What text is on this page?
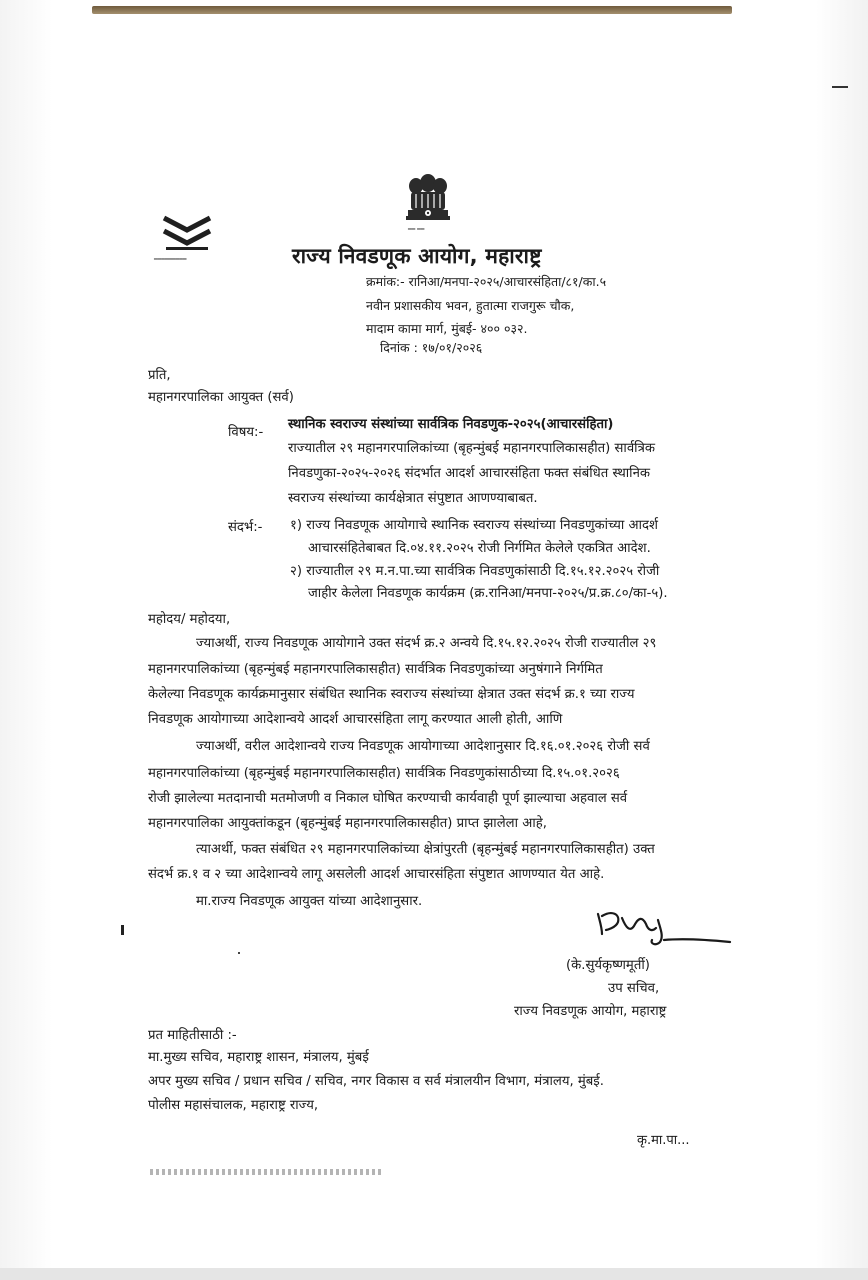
━━ ━━
━━━━━━━━━	राज्य निवडणूक आयोग, महाराष्ट्र
क्रमांक:- रानिआ/मनपा-२०२५/आचारसंहिता/८१/का.५
नवीन प्रशासकीय भवन, हुतात्मा राजगुरू चौक,
मादाम कामा मार्ग, मुंबई- ४०० ०३२.
दिनांक : १७/०१/२०२६
प्रति,
महानगरपालिका आयुक्त (सर्व)
विषय:-
स्थानिक स्वराज्य संस्थांच्या सार्वत्रिक निवडणुक-२०२५(आचारसंहिता)
राज्यातील २९ महानगरपालिकांच्या (बृहन्मुंबई महानगरपालिकासहीत) सार्वत्रिक
निवडणुका-२०२५-२०२६ संदर्भात आदर्श आचारसंहिता फक्त संबंधित स्थानिक
स्वराज्य संस्थांच्या कार्यक्षेत्रात संपुष्टात आणण्याबाबत.
संदर्भ:- १) राज्य निवडणूक आयोगाचे स्थानिक स्वराज्य संस्थांच्या निवडणुकांच्या आदर्श
आचारसंहितेबाबत दि.०४.११.२०२५ रोजी निर्गमित केलेले एकत्रित आदेश.
२) राज्यातील २९ म.न.पा.च्या सार्वत्रिक निवडणुकांसाठी दि.१५.१२.२०२५ रोजी
जाहीर केलेला निवडणूक कार्यक्रम (क्र.रानिआ/मनपा-२०२५/प्र.क्र.८०/का-५).
महोदय/ महोदया,
ज्याअर्थी, राज्य निवडणूक आयोगाने उक्त संदर्भ क्र.२ अन्वये दि.१५.१२.२०२५ रोजी राज्यातील २९
महानगरपालिकांच्या (बृहन्मुंबई महानगरपालिकासहीत) सार्वत्रिक निवडणुकांच्या अनुषंगाने निर्गमित
केलेल्या निवडणूक कार्यक्रमानुसार संबंधित स्थानिक स्वराज्य संस्थांच्या क्षेत्रात उक्त संदर्भ क्र.१ च्या राज्य
निवडणूक आयोगाच्या आदेशान्वये आदर्श आचारसंहिता लागू करण्यात आली होती, आणि
ज्याअर्थी, वरील आदेशान्वये राज्य निवडणूक आयोगाच्या आदेशानुसार दि.१६.०१.२०२६ रोजी सर्व
महानगरपालिकांच्या (बृहन्मुंबई महानगरपालिकासहीत) सार्वत्रिक निवडणुकांसाठीच्या दि.१५.०१.२०२६
रोजी झालेल्या मतदानाची मतमोजणी व निकाल घोषित करण्याची कार्यवाही पूर्ण झाल्याचा अहवाल सर्व
महानगरपालिका आयुक्तांकडून (बृहन्मुंबई महानगरपालिकासहीत) प्राप्त झालेला आहे,
त्याअर्थी, फक्त संबंधित २९ महानगरपालिकांच्या क्षेत्रांपुरती (बृहन्मुंबई महानगरपालिकासहीत) उक्त
संदर्भ क्र.१ व २ च्या आदेशान्वये लागू असलेली आदर्श आचारसंहिता संपुष्टात आणण्यात येत आहे.
मा.राज्य निवडणूक आयुक्त यांच्या आदेशानुसार.
(के.सुर्यकृष्णमूर्ती)
उप सचिव,
राज्य निवडणूक आयोग, महाराष्ट्र
प्रत माहितीसाठी :-
मा.मुख्य सचिव, महाराष्ट्र शासन, मंत्रालय, मुंबई
अपर मुख्य सचिव / प्रधान सचिव / सचिव, नगर विकास व सर्व मंत्रालयीन विभाग, मंत्रालय, मुंबई.
पोलीस महासंचालक, महाराष्ट्र राज्य,
कृ.मा.पा...
